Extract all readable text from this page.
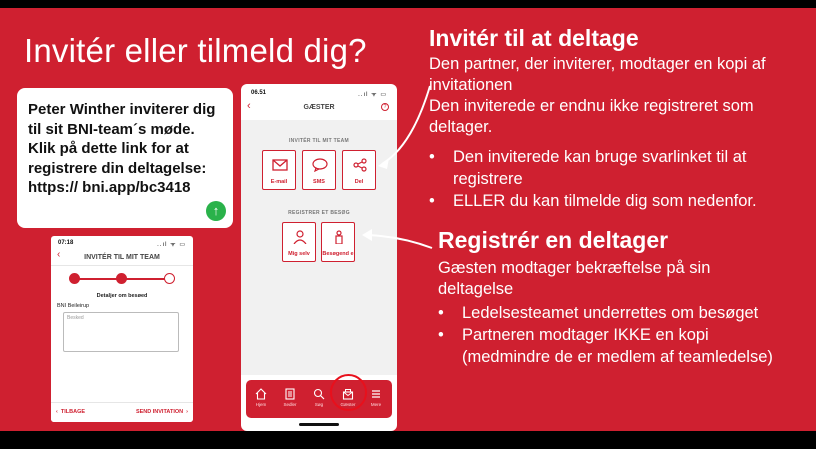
Invitér eller tilmeld dig?
Peter Winther inviterer dig til sit BNI-team´s møde. Klik på dette link for at registrere din deltagelse: https:// bni.app/bc3418
↑
07:18	..ıl ᯤ ▭
INVITÉR TIL MIT TEAM
‹
Detaljer om besøed
BNI Beileirup
Besked
‹  TILBAGE	SEND INVITATION  ›
06.51	..ıl ᯤ ▭
‹	GÆSTER	?
INVITÉR TIL MIT TEAM
E-mail	SMS	Del
REGISTRER ET BESØG
Mig selv	Besøgend e
Hjem	Sedler	Søg	Gæster	Mere
Invitér til at deltage
Den partner, der inviterer, modtager en kopi af invitationen
Den inviterede er endnu ikke registreret som deltager.
• Den inviterede kan bruge svarlinket til at registrere
• ELLER du kan tilmelde dig som nedenfor.
Registrér en deltager
Gæsten modtager bekræftelse på sin deltagelse
• Ledelsesteamet underrettes om besøget
• Partneren modtager IKKE en kopi (medmindre de er medlem af teamledelse)
